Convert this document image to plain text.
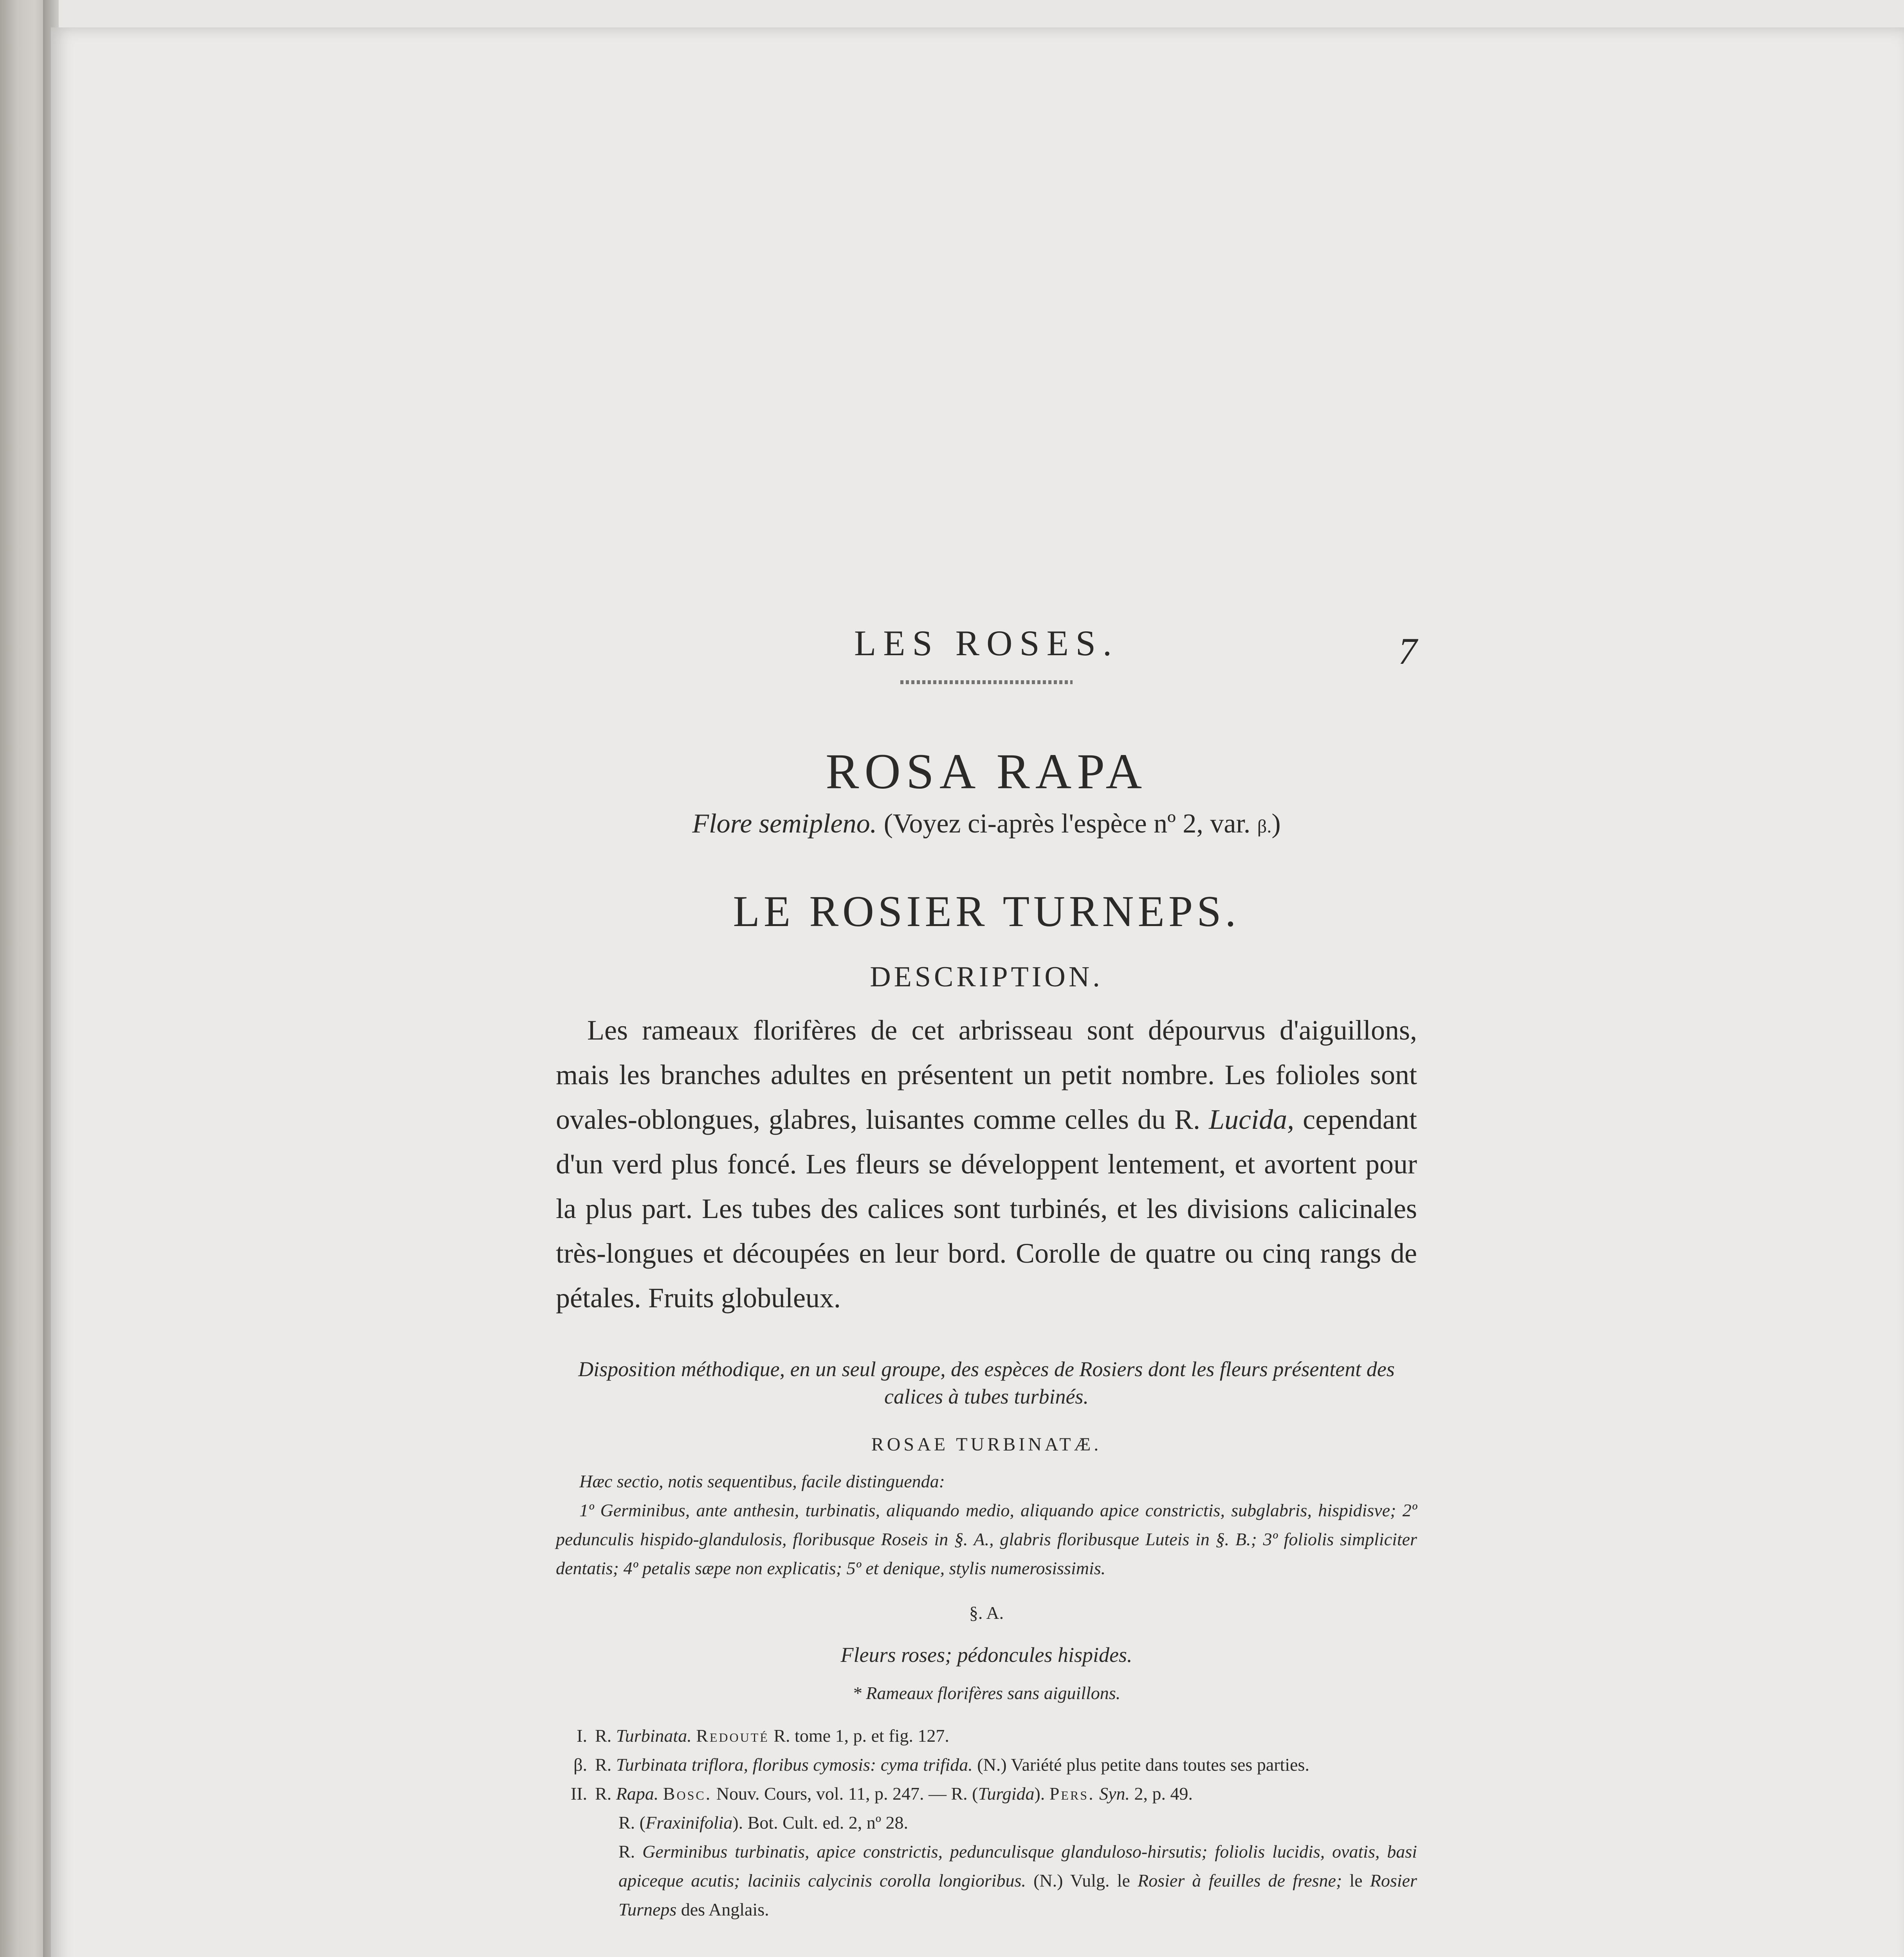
LES ROSES.	7
ROSA RAPA
Flore semipleno. (Voyez ci-après l'espèce nº 2, var. β.)
LE ROSIER TURNEPS.
DESCRIPTION.
Les rameaux florifères de cet arbrisseau sont dépourvus d'aiguillons, mais les branches adultes en présentent un petit nombre. Les folioles sont ovales-oblongues, glabres, luisantes comme celles du R. Lucida, cependant d'un verd plus foncé. Les fleurs se développent lentement, et avortent pour la plus part. Les tubes des calices sont turbinés, et les divisions calicinales très-longues et découpées en leur bord. Corolle de quatre ou cinq rangs de pétales. Fruits globuleux.
Disposition méthodique, en un seul groupe, des espèces de Rosiers dont les fleurs présentent des calices à tubes turbinés.
ROSAE TURBINATÆ.
Hæc sectio, notis sequentibus, facile distinguenda:
1º Germinibus, ante anthesin, turbinatis, aliquando medio, aliquando apice constrictis, subglabris, hispidisve; 2º pedunculis hispido-glandulosis, floribusque Roseis in §. A., glabris floribusque Luteis in §. B.; 3º foliolis simpliciter dentatis; 4º petalis sæpe non explicatis; 5º et denique, stylis numerosissimis.
§. A.
Fleurs roses; pédoncules hispides.
* Rameaux florifères sans aiguillons.
I. R. Turbinata. Redouté R. tome 1, p. et fig. 127.
β. R. Turbinata triflora, floribus cymosis: cyma trifida. (N.) Variété plus petite dans toutes ses parties.
II. R. Rapa. Bosc. Nouv. Cours, vol. 11, p. 247. — R. (Turgida). Pers. Syn. 2, p. 49.
R. (Fraxinifolia). Bot. Cult. ed. 2, nº 28.
R. Germinibus turbinatis, apice constrictis, pedunculisque glanduloso-hirsutis; foliolis lucidis, ovatis, basi apiceque acutis; laciniis calycinis corolla longioribus. (N.) Vulg. le Rosier à feuilles de fresne; le Rosier Turneps des Anglais.
